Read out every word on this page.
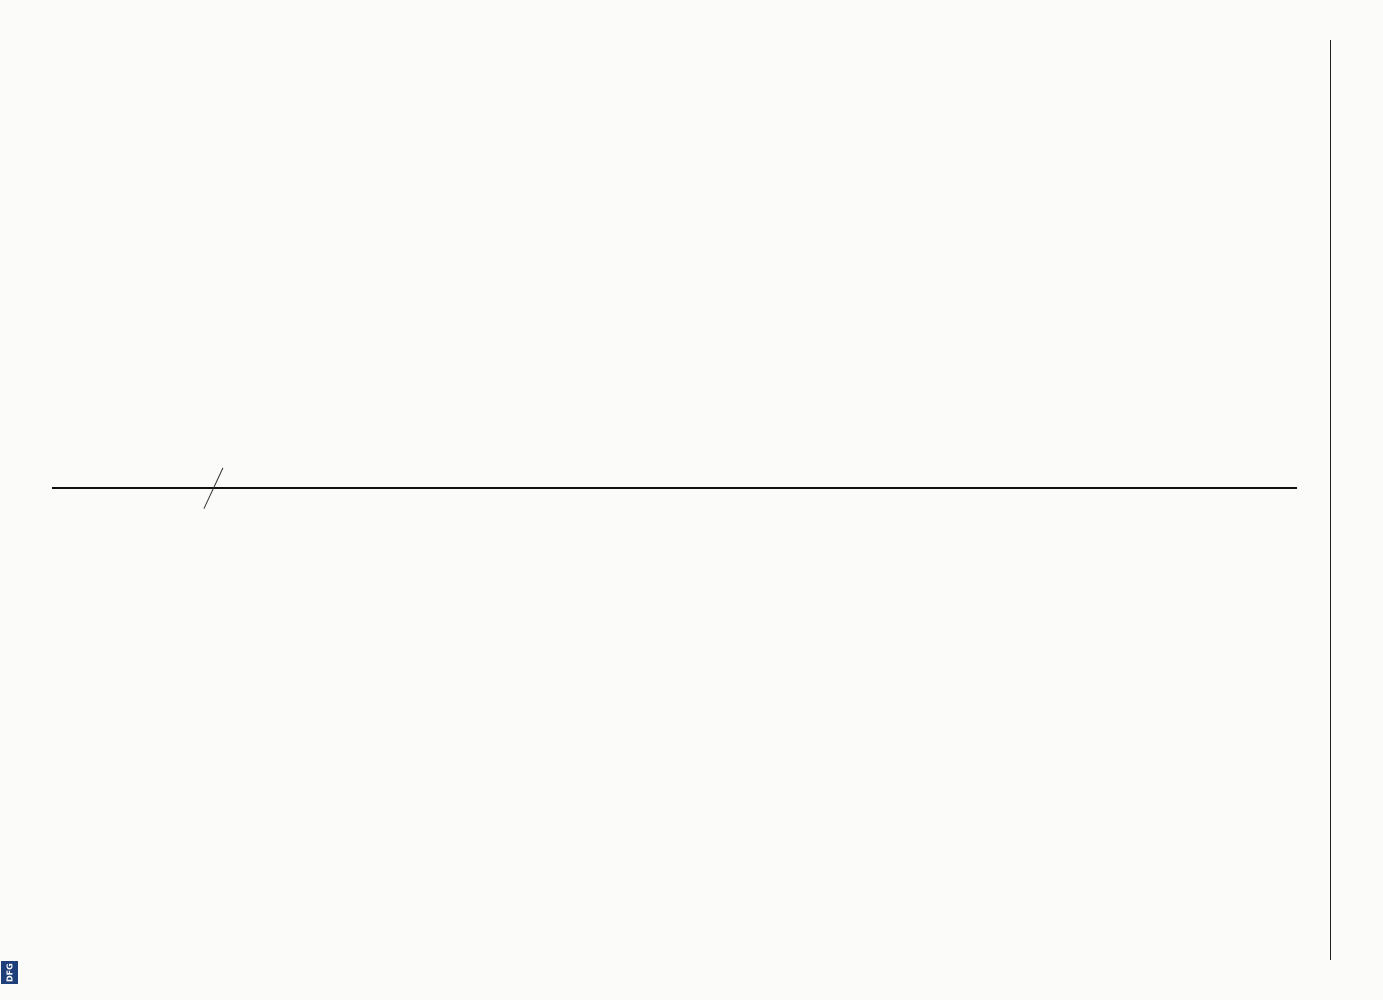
DFG
